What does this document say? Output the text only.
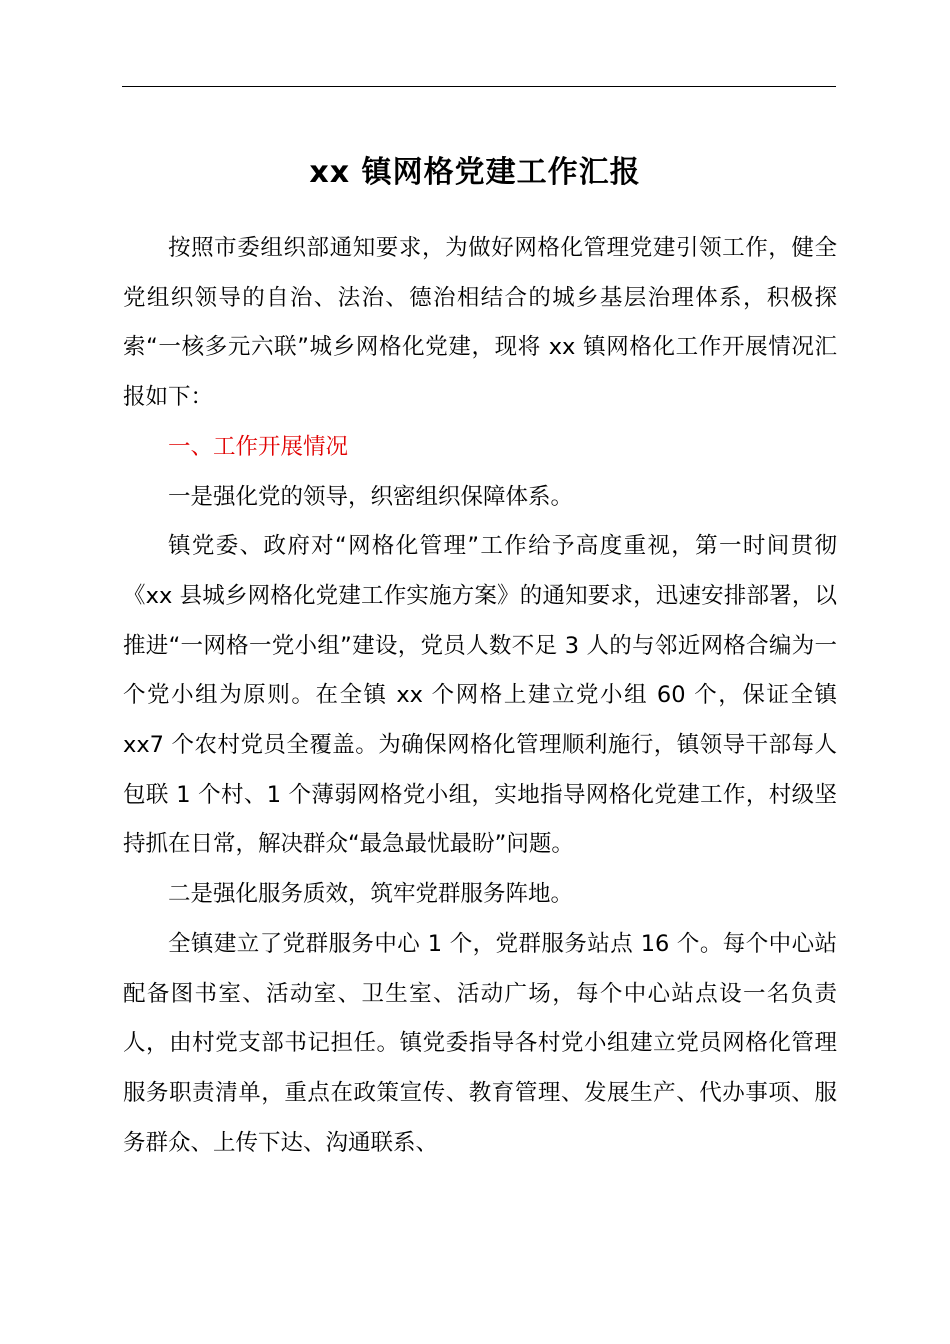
xx 镇网格党建工作汇报

按照市委组织部通知要求，为做好网格化管理党建引领工作，健全党组织领导的自治、法治、德治相结合的城乡基层治理体系，积极探索“一核多元六联”城乡网格化党建，现将 xx 镇网格化工作开展情况汇报如下：

一、工作开展情况

一是强化党的领导，织密组织保障体系。

镇党委、政府对“网格化管理”工作给予高度重视，第一时间贯彻《xx 县城乡网格化党建工作实施方案》的通知要求，迅速安排部署，以推进“一网格一党小组”建设，党员人数不足 3 人的与邻近网格合编为一个党小组为原则。在全镇 xx 个网格上建立党小组 60 个，保证全镇 xx7 个农村党员全覆盖。为确保网格化管理顺利施行，镇领导干部每人包联 1 个村、1 个薄弱网格党小组，实地指导网格化党建工作，村级坚持抓在日常，解决群众“最急最忧最盼”问题。

二是强化服务质效，筑牢党群服务阵地。

全镇建立了党群服务中心 1 个，党群服务站点 16 个。每个中心站配备图书室、活动室、卫生室、活动广场，每个中心站点设一名负责人，由村党支部书记担任。镇党委指导各村党小组建立党员网格化管理服务职责清单，重点在政策宣传、教育管理、发展生产、代办事项、服务群众、上传下达、沟通联系、
